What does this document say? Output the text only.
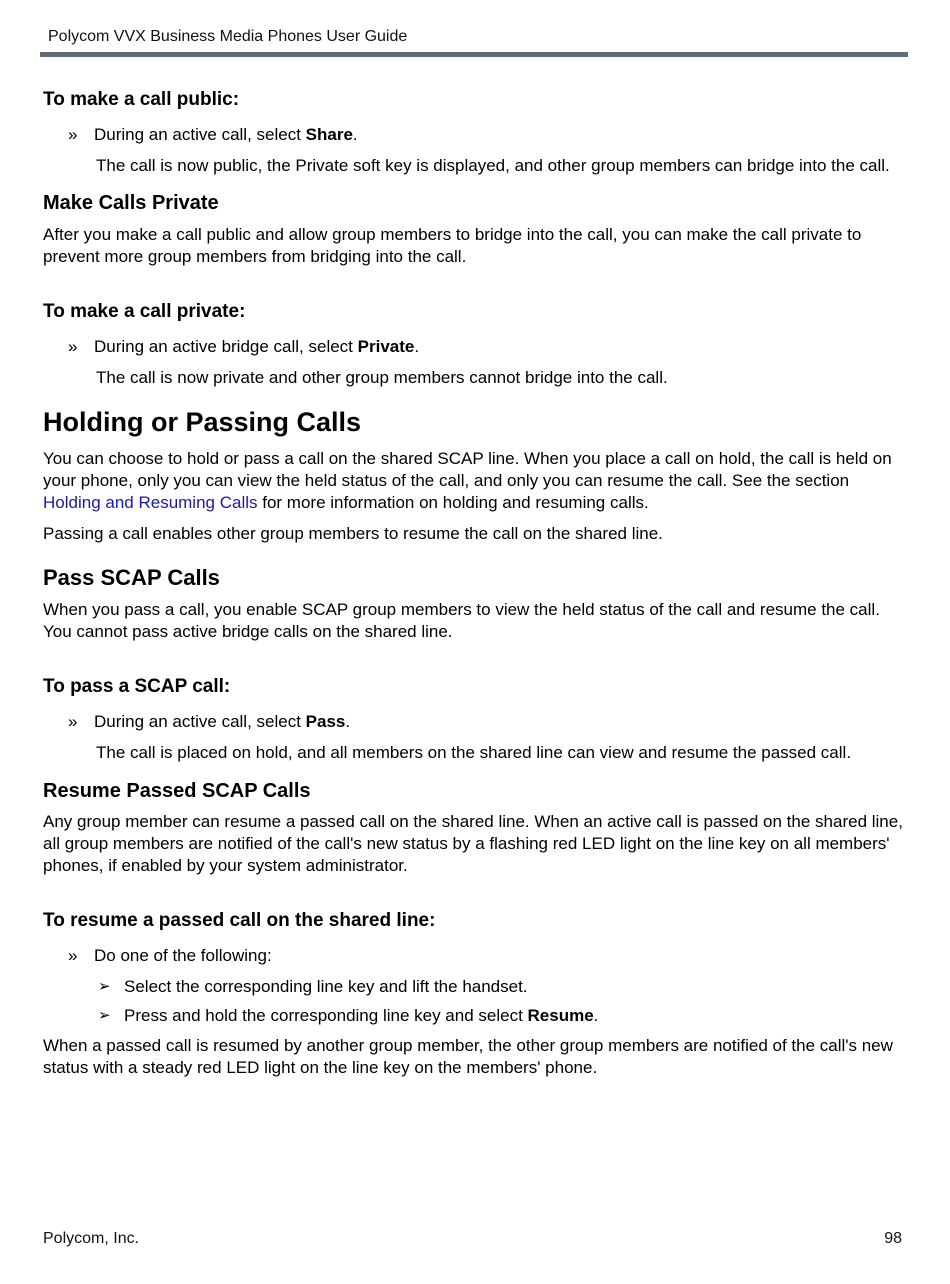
Polycom VVX Business Media Phones User Guide
To make a call public:
» During an active call, select Share.
The call is now public, the Private soft key is displayed, and other group members can bridge into the call.
Make Calls Private

After you make a call public and allow group members to bridge into the call, you can make the call private to prevent more group members from bridging into the call.

To make a call private:
» During an active bridge call, select Private.
The call is now private and other group members cannot bridge into the call.
Holding or Passing Calls

You can choose to hold or pass a call on the shared SCAP line. When you place a call on hold, the call is held on your phone, only you can view the held status of the call, and only you can resume the call. See the section Holding and Resuming Calls for more information on holding and resuming calls.

Passing a call enables other group members to resume the call on the shared line.

Pass SCAP Calls

When you pass a call, you enable SCAP group members to view the held status of the call and resume the call. You cannot pass active bridge calls on the shared line.

To pass a SCAP call:
» During an active call, select Pass.
The call is placed on hold, and all members on the shared line can view and resume the passed call.
Resume Passed SCAP Calls

Any group member can resume a passed call on the shared line. When an active call is passed on the shared line, all group members are notified of the call's new status by a flashing red LED light on the line key on all members' phones, if enabled by your system administrator.

To resume a passed call on the shared line:
» Do one of the following:
➢ Select the corresponding line key and lift the handset.
➢ Press and hold the corresponding line key and select Resume.

When a passed call is resumed by another group member, the other group members are notified of the call's new status with a steady red LED light on the line key on the members' phone.

Polycom, Inc.	98
